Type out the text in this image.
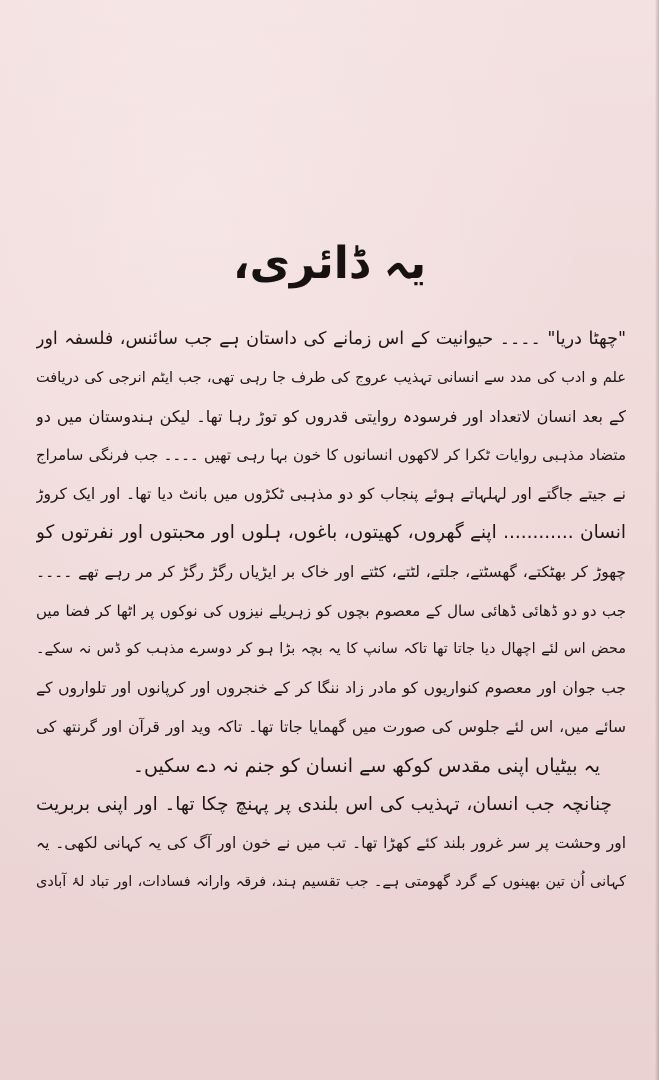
یہ ڈائری،
"چھٹا دریا" ۔۔۔۔ حیوانیت کے اس زمانے کی داستان ہے جب سائنس، فلسفہ اور
علم و ادب کی مدد سے انسانی تہذیب عروج کی طرف جا رہی تھی، جب ایٹم انرجی کی دریافت
کے بعد انسان لاتعداد اور فرسودہ روایتی قدروں کو توڑ رہا تھا۔ لیکن ہندوستان میں دو
متضاد مذہبی روایات ٹکرا کر لاکھوں انسانوں کا خون بہا رہی تھیں ۔۔۔۔ جب فرنگی سامراج
نے جیتے جاگتے اور لہلہاتے ہوئے پنجاب کو دو مذہبی ٹکڑوں میں بانٹ دیا تھا۔ اور ایک کروڑ
انسان ............ اپنے گھروں، کھیتوں، باغوں، ہلوں اور محبتوں اور نفرتوں کو
چھوڑ کر بھٹکتے، گھسٹتے، جلتے، لٹتے، کٹتے اور خاک بر ایڑیاں رگڑ رگڑ کر مر رہے تھے ۔۔۔۔
جب دو دو ڈھائی ڈھائی سال کے معصوم بچوں کو زہریلے نیزوں کی نوکوں پر اٹھا کر فضا میں
محض اس لئے اچھال دیا جاتا تھا تاکہ سانپ کا یہ بچہ بڑا ہو کر دوسرے مذہب کو ڈس نہ سکے۔
جب جوان اور معصوم کنواریوں کو مادر زاد ننگا کر کے خنجروں اور کرپانوں اور تلواروں کے
سائے میں، اس لئے جلوس کی صورت میں گھمایا جاتا تھا۔ تاکہ وید اور قرآن اور گرنتھ کی
یہ بیٹیاں اپنی مقدس کوکھ سے انسان کو جنم نہ دے سکیں۔
چنانچہ جب انسان، تہذیب کی اس بلندی پر پہنچ چکا تھا۔ اور اپنی بربریت
اور وحشت پر سر غرور بلند کئے کھڑا تھا۔ تب میں نے خون اور آگ کی یہ کہانی لکھی۔ یہ
کہانی اُن تین بھینوں کے گرد گھومتی ہے۔ جب تقسیم ہند، فرقہ وارانہ فسادات، اور تباد لۂ آبادی
